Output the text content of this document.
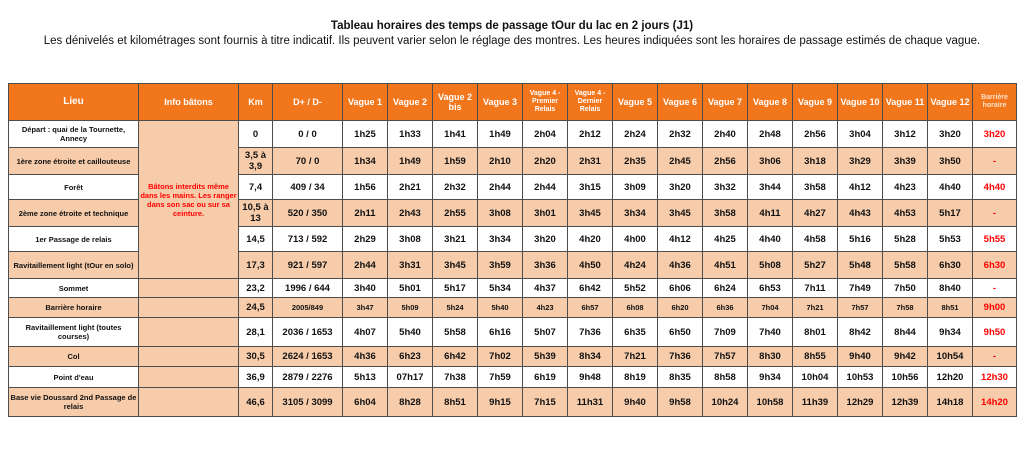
Tableau horaires des temps de passage tOur du lac en 2 jours (J1)
Les dénivelés et kilométrages sont fournis à titre indicatif. Ils peuvent varier selon le réglage des montres. Les heures indiquées sont les horaires de passage estimés de chaque vague.
Lieu	Info bâtons	Km	D+ / D-	Vague 1	Vague 2	Vague 2 bis	Vague 3	Vague 4 - Premier Relais	Vague 4 - Dernier Relais	Vague 5	Vague 6	Vague 7	Vague 8	Vague 9	Vague 10	Vague 11	Vague 12	Barrière horaire
Départ : quai de la Tournette, Annecy	Bâtons interdits même dans les mains. Les ranger dans son sac ou sur sa ceinture.	0	0 / 0	1h25	1h33	1h41	1h49	2h04	2h12	2h24	2h32	2h40	2h48	2h56	3h04	3h12	3h20	3h20
1ère zone étroite et caillouteuse		3,5 à 3,9	70 / 0	1h34	1h49	1h59	2h10	2h20	2h31	2h35	2h45	2h56	3h06	3h18	3h29	3h39	3h50	-
Forêt		7,4	409 / 34	1h56	2h21	2h32	2h44	2h44	3h15	3h09	3h20	3h32	3h44	3h58	4h12	4h23	4h40	4h40
2ème zone étroite et technique		10,5 à 13	520 / 350	2h11	2h43	2h55	3h08	3h01	3h45	3h34	3h45	3h58	4h11	4h27	4h43	4h53	5h17	-
1er Passage de relais		14,5	713 / 592	2h29	3h08	3h21	3h34	3h20	4h20	4h00	4h12	4h25	4h40	4h58	5h16	5h28	5h53	5h55
Ravitaillement light (tOur en solo)		17,3	921 / 597	2h44	3h31	3h45	3h59	3h36	4h50	4h24	4h36	4h51	5h08	5h27	5h48	5h58	6h30	6h30
Sommet		23,2	1996 / 644	3h40	5h01	5h17	5h34	4h37	6h42	5h52	6h06	6h24	6h53	7h11	7h49	7h50	8h40	-
Barrière horaire		24,5	2005/849	3h47	5h09	5h24	5h40	4h23	6h57	6h08	6h20	6h36	7h04	7h21	7h57	7h58	8h51	9h00
Ravitaillement light (toutes courses)		28,1	2036 / 1653	4h07	5h40	5h58	6h16	5h07	7h36	6h35	6h50	7h09	7h40	8h01	8h42	8h44	9h34	9h50
Col		30,5	2624 / 1653	4h36	6h23	6h42	7h02	5h39	8h34	7h21	7h36	7h57	8h30	8h55	9h40	9h42	10h54	-
Point d'eau		36,9	2879 / 2276	5h13	07h17	7h38	7h59	6h19	9h48	8h19	8h35	8h58	9h34	10h04	10h53	10h56	12h20	12h30
Base vie Doussard 2nd Passage de relais		46,6	3105 / 3099	6h04	8h28	8h51	9h15	7h15	11h31	9h40	9h58	10h24	10h58	11h39	12h29	12h39	14h18	14h20
